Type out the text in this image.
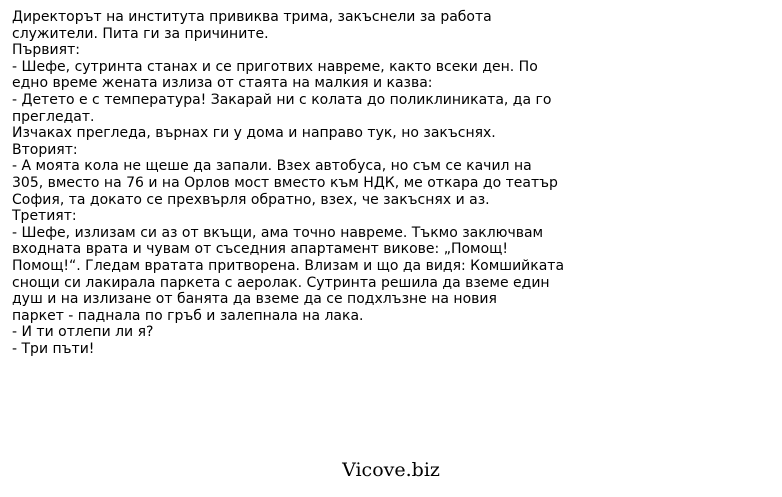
Директорът на института привиква трима, закъснели за работа
служители. Пита ги за причините.
Първият:
- Шефе, сутринта станах и се приготвих навреме, както всеки ден. По
едно време жената излиза от стаята на малкия и казва:
- Детето е с температура! Закарай ни с колата до поликлиниката, да го
прегледат.
Изчаках прегледа, върнах ги у дома и направо тук, но закъснях.
Вторият:
- А моята кола не щеше да запали. Взех автобуса, но съм се качил на
305, вместо на 76 и на Орлов мост вместо към НДК, ме откара до театър
София, та докато се прехвърля обратно, взех, че закъснях и аз.
Третият:
- Шефе, излизам си аз от вкъщи, ама точно навреме. Тъкмо заключвам
входната врата и чувам от съседния апартамент викове: „Помощ!
Помощ!“. Гледам вратата притворена. Влизам и що да видя: Комшийката
снощи си лакирала паркета с аеролак. Сутринта решила да вземе един
душ и на излизане от банята да вземе да се подхлъзне на новия
паркет - паднала по гръб и залепнала на лака.
- И ти отлепи ли я?
- Три пъти!
Vicove.biz
